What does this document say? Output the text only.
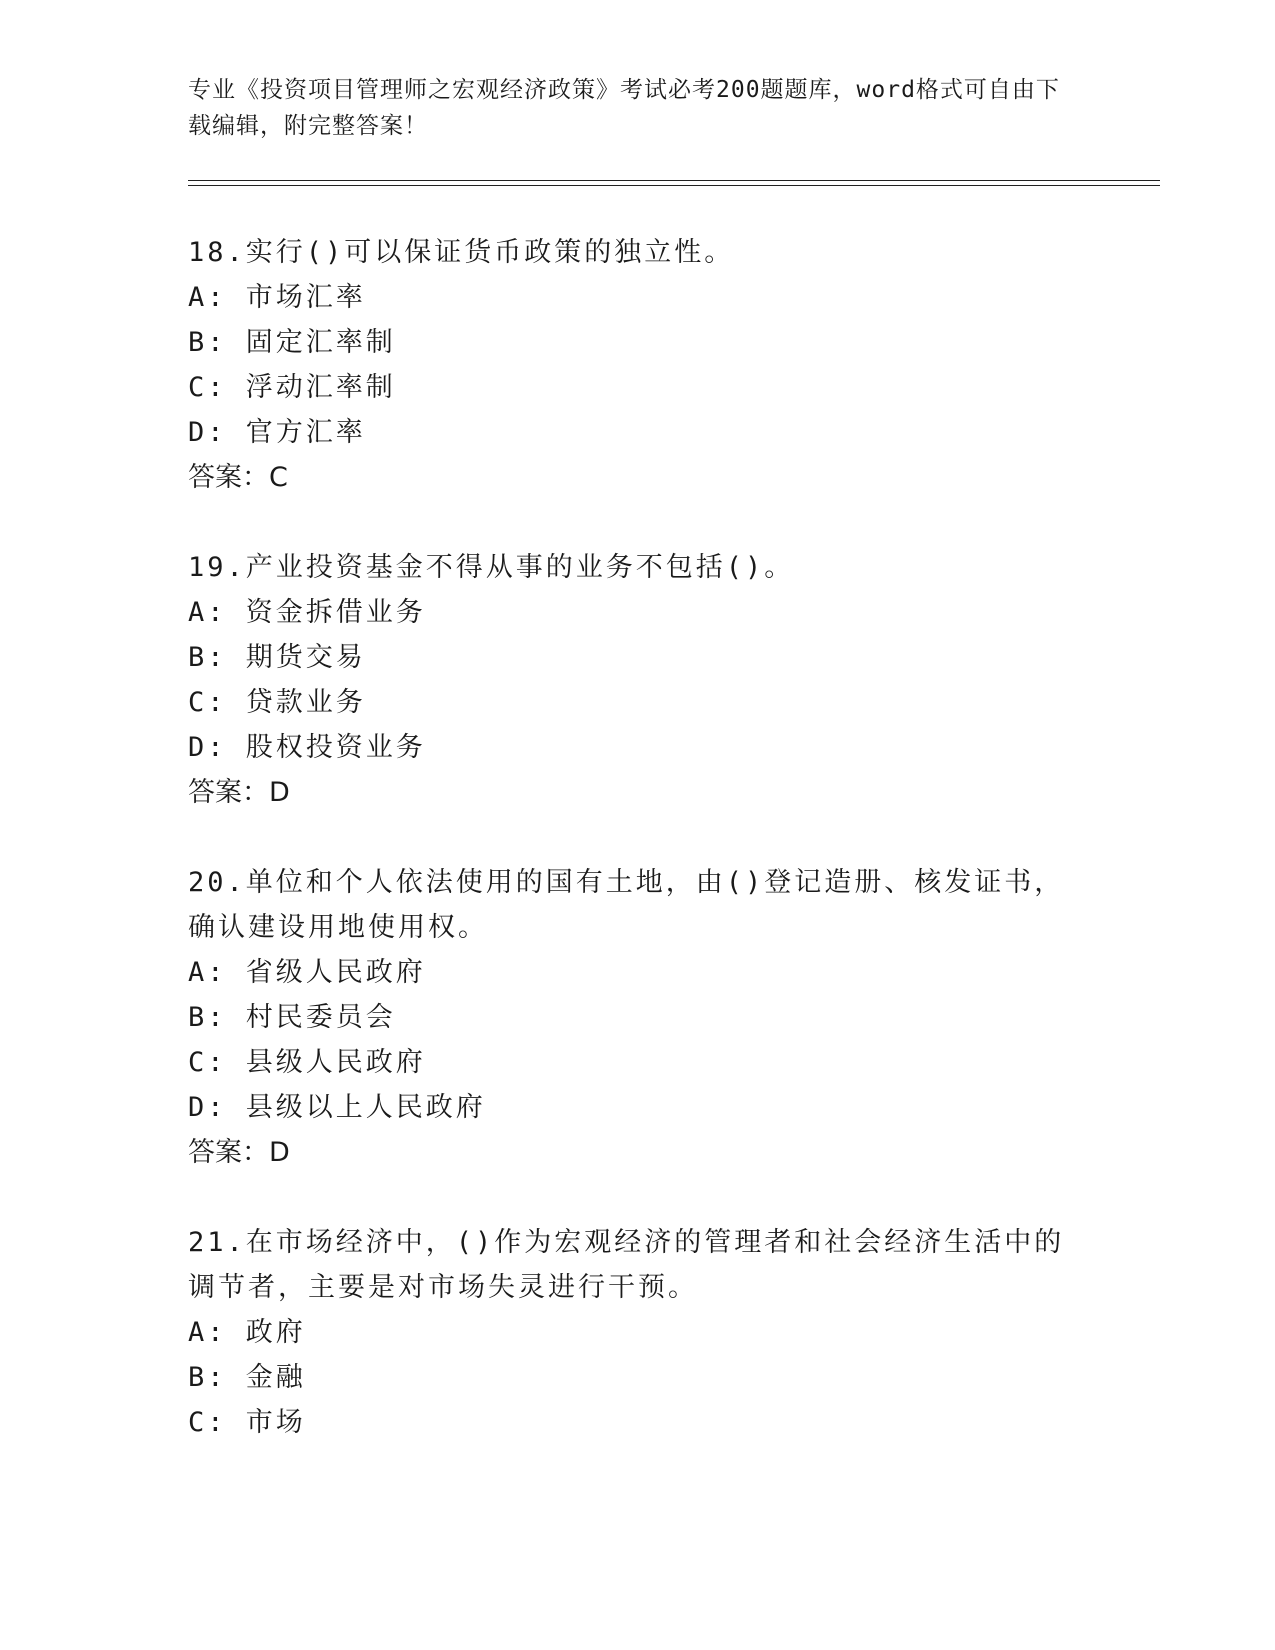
专业《投资项目管理师之宏观经济政策》考试必考200题题库，word格式可自由下载编辑，附完整答案！

18.实行()可以保证货币政策的独立性。

A: 市场汇率

B: 固定汇率制

C: 浮动汇率制

D: 官方汇率

答案：C

19.产业投资基金不得从事的业务不包括()。

A: 资金拆借业务

B: 期货交易

C: 贷款业务

D: 股权投资业务

答案：D

20.单位和个人依法使用的国有土地，由()登记造册、核发证书，确认建设用地使用权。

A: 省级人民政府

B: 村民委员会

C: 县级人民政府

D: 县级以上人民政府

答案：D

21.在市场经济中，()作为宏观经济的管理者和社会经济生活中的调节者，主要是对市场失灵进行干预。

A: 政府

B: 金融

C: 市场
